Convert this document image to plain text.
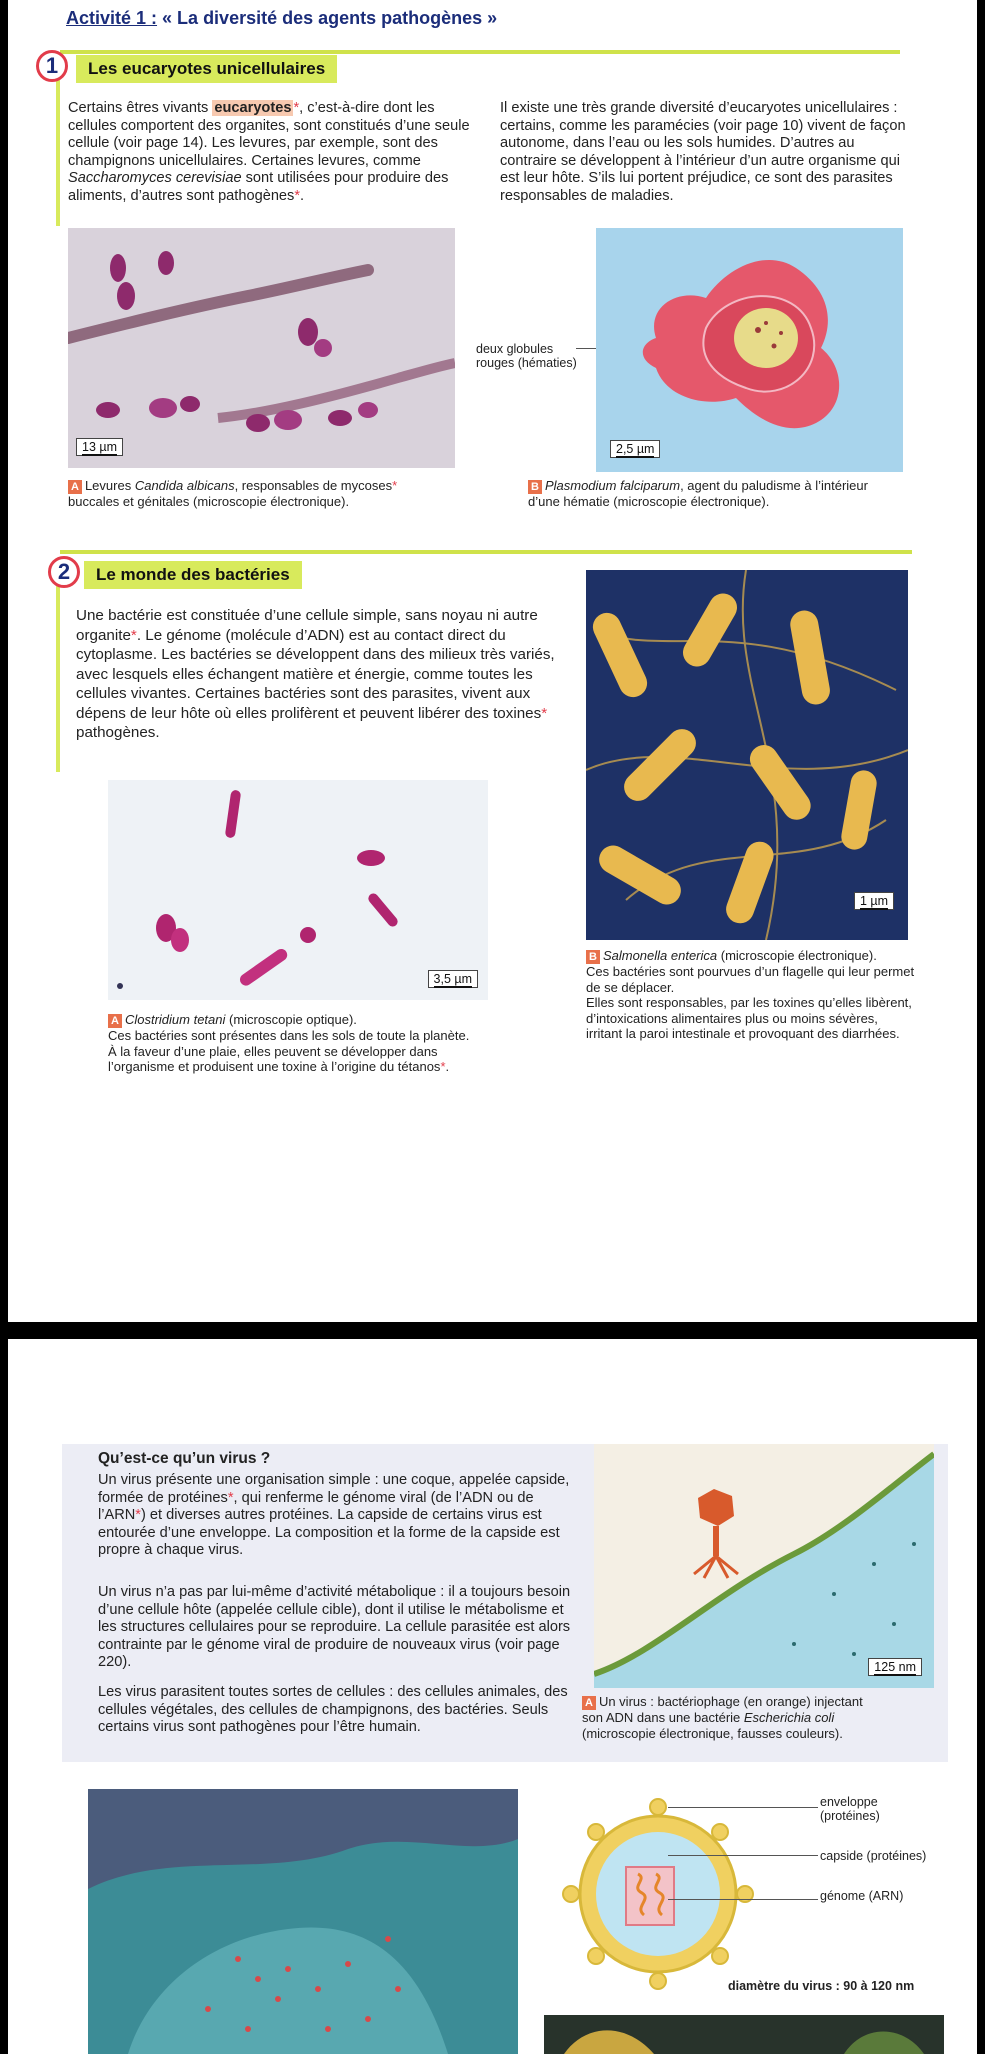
Activité 1 : « La diversité des agents pathogènes »
1	Les eucaryotes unicellulaires
Certains êtres vivants eucaryotes *, c’est-à-dire dont les cellules comportent des organites, sont constitués d’une seule cellule (voir page 14). Les levures, par exemple, sont des champignons unicellulaires. Certaines levures, comme Saccharomyces cerevisiae sont utilisées pour produire des aliments, d’autres sont pathogènes*.
Il existe une très grande diversité d’eucaryotes unicellulaires : certains, comme les paramécies (voir page 10) vivent de façon autonome, dans l’eau ou les sols humides. D’autres au contraire se développent à l’intérieur d’un autre organisme qui est leur hôte. S’ils lui portent préjudice, ce sont des parasites responsables de maladies.
13 µm
A Levures Candida albicans, responsables de mycoses*
buccales et génitales (microscopie électronique).
deux globules rouges (hématies)
2,5 µm
B Plasmodium falciparum, agent du paludisme à l’intérieur
d’une hématie (microscopie électronique).
2	Le monde des bactéries
Une bactérie est constituée d’une cellule simple, sans noyau ni autre organite*. Le génome (molécule d’ADN) est au contact direct du cytoplasme. Les bactéries se développent dans des milieux très variés, avec lesquels elles échangent matière et énergie, comme toutes les cellules vivantes. Certaines bactéries sont des parasites, vivent aux dépens de leur hôte où elles prolifèrent et peuvent libérer des toxines* pathogènes.
3,5 µm
A Clostridium tetani (microscopie optique).
Ces bactéries sont présentes dans les sols de toute la planète.
À la faveur d’une plaie, elles peuvent se développer dans
l’organisme et produisent une toxine à l’origine du tétanos*.
1 µm
B Salmonella enterica (microscopie électronique).
Ces bactéries sont pourvues d’un flagelle qui leur permet de se déplacer.
Elles sont responsables, par les toxines qu’elles libèrent, d’intoxications alimentaires plus ou moins sévères, irritant la paroi intestinale et provoquant des diarrhées.
Qu’est-ce qu’un virus ?
Un virus présente une organisation simple : une coque, appelée capside, formée de protéines*, qui renferme le génome viral (de l’ADN ou de l’ARN*) et diverses autres protéines. La capside de certains virus est entourée d’une enveloppe. La composition et la forme de la capside est propre à chaque virus.
Un virus n’a pas par lui-même d’activité métabolique : il a toujours besoin d’une cellule hôte (appelée cellule cible), dont il utilise le métabolisme et les structures cellulaires pour se reproduire. La cellule parasitée est alors contrainte par le génome viral de produire de nouveaux virus (voir page 220).
Les virus parasitent toutes sortes de cellules : des cellules animales, des cellules végétales, des cellules de champignons, des bactéries. Seuls certains virus sont pathogènes pour l’être humain.
125 nm
A Un virus : bactériophage (en orange) injectant
son ADN dans une bactérie Escherichia coli
(microscopie électronique, fausses couleurs).
enveloppe (protéines)
capside (protéines)
génome (ARN)
diamètre du virus : 90 à 120 nm
